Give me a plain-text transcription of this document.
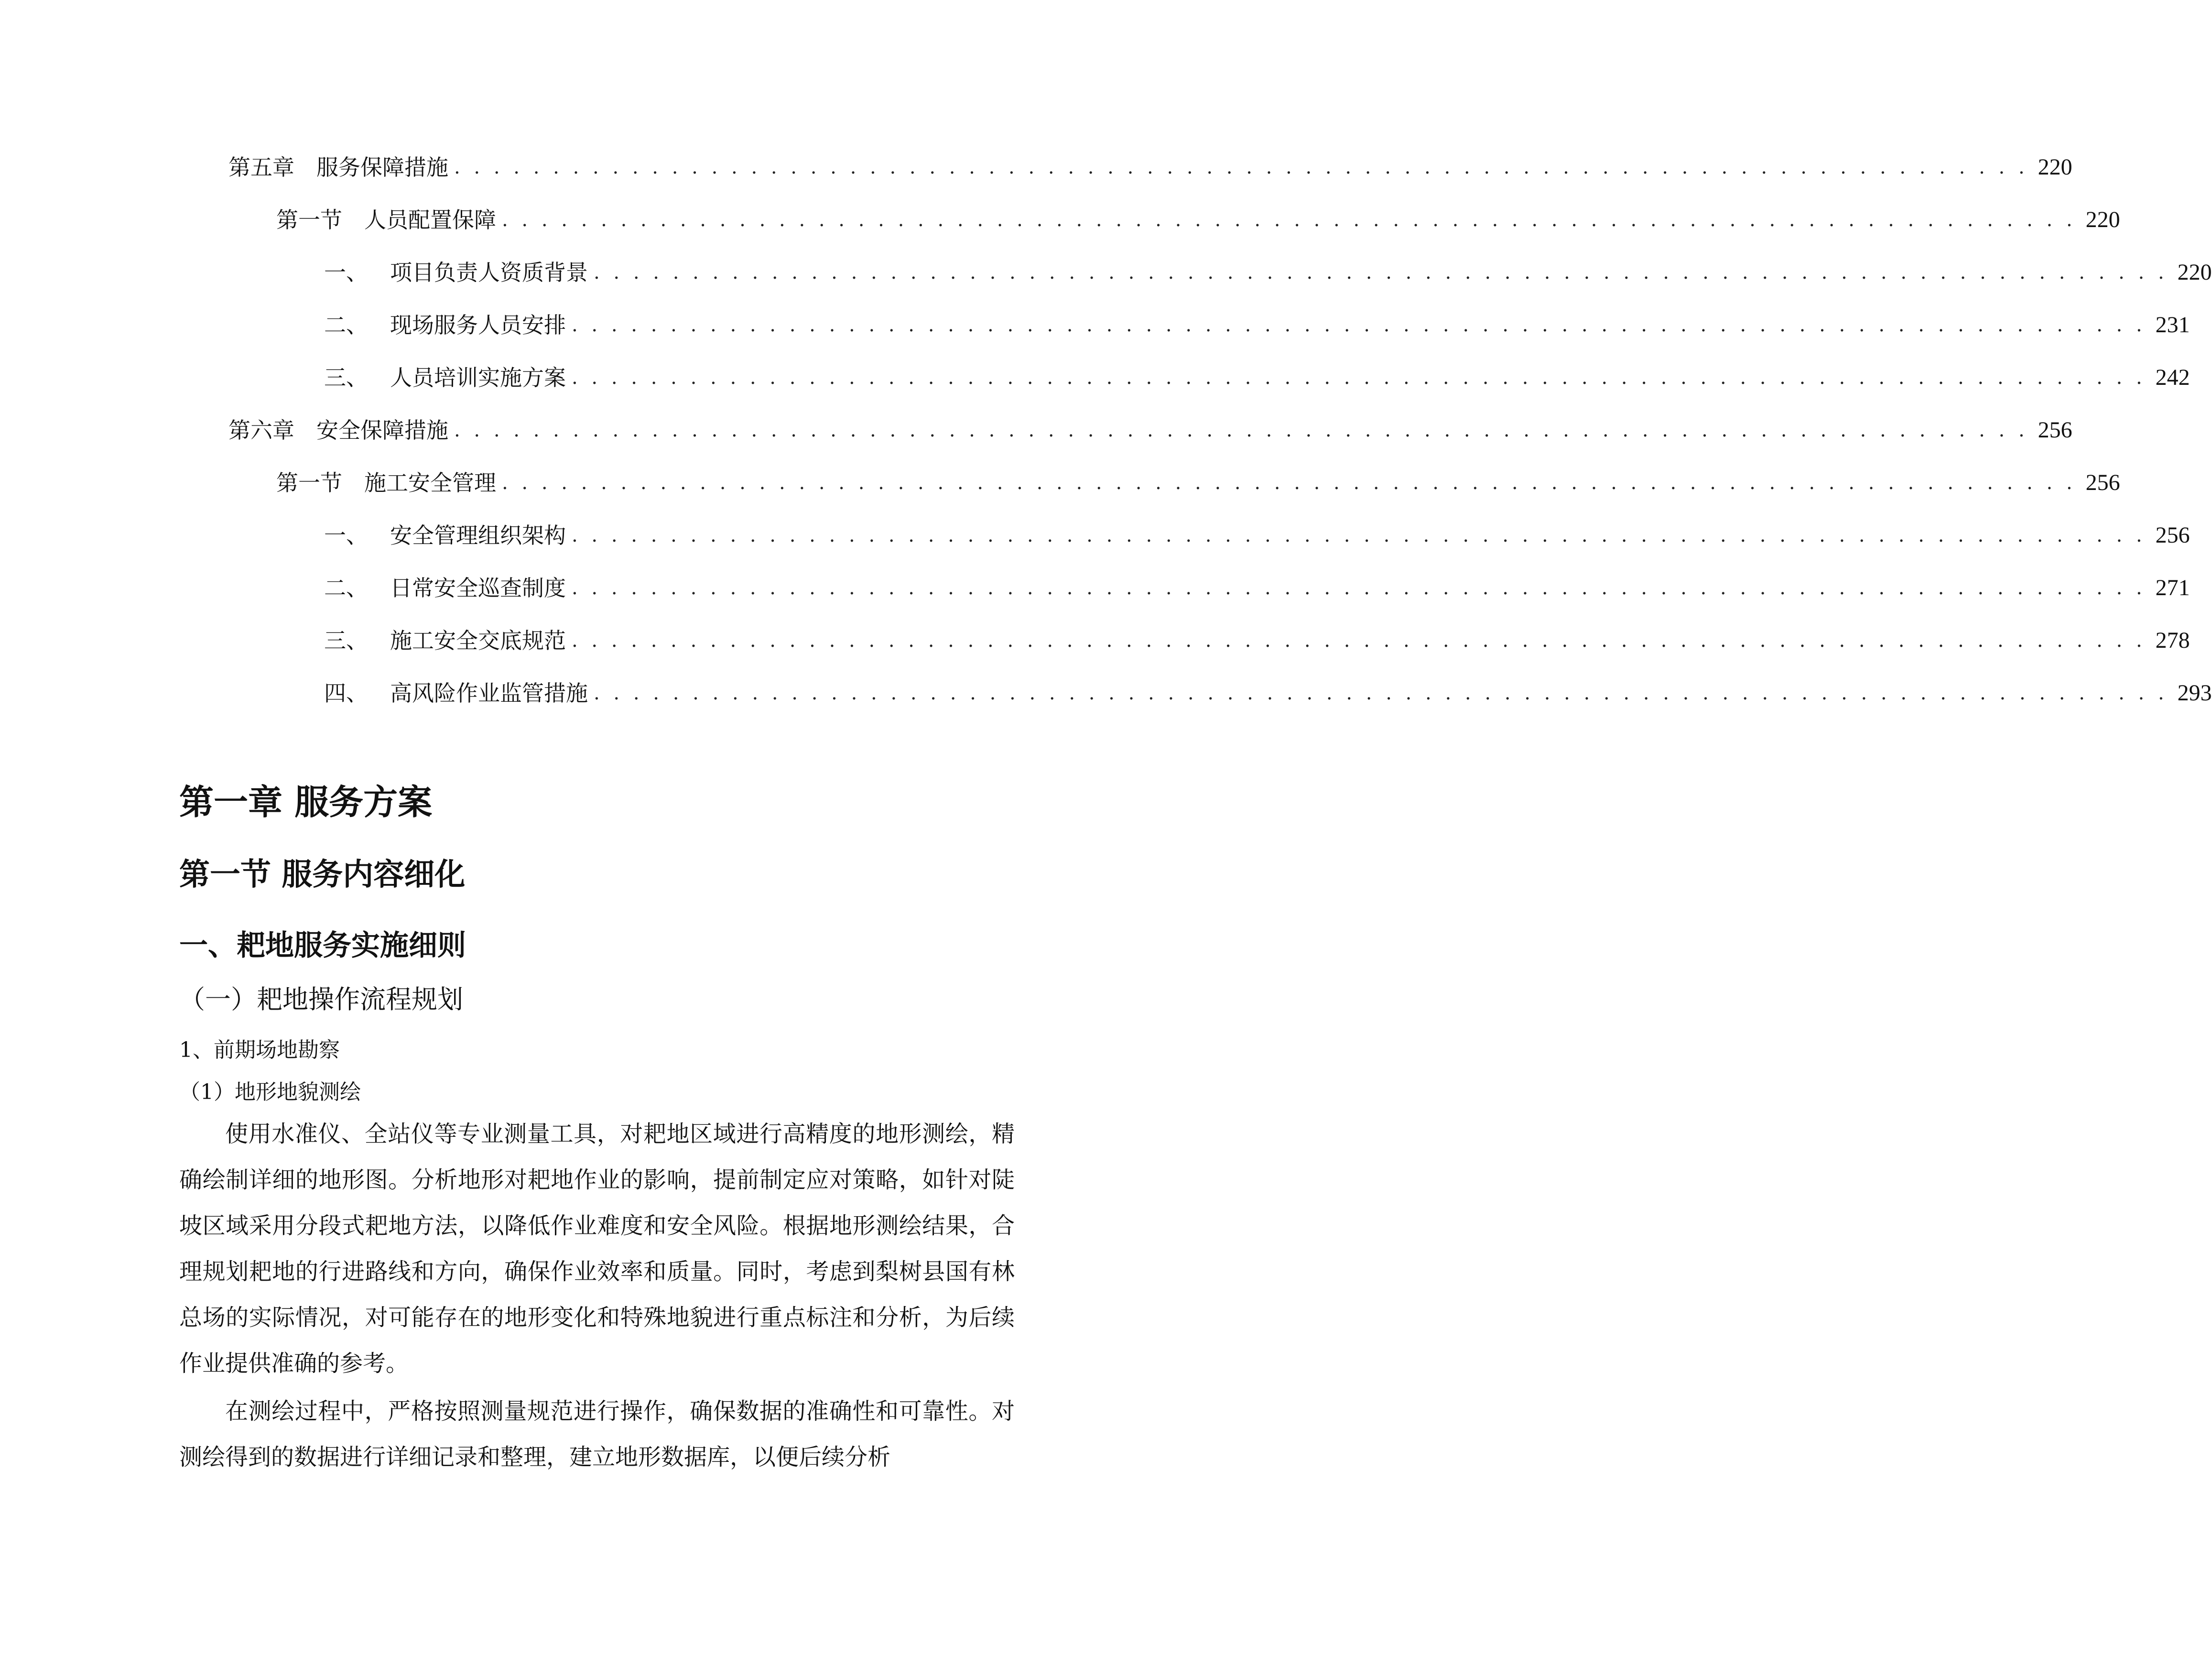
第五章 服务保障措施 . . . . . . . . . . . . . . . . . . . . . . . . . . . . . . . . . . . . . . . . . . . . . . . . . . . . . . . . . . . . . . . . . . . . . . . . . . . . . . . . 220
第一节 人员配置保障 . . . . . . . . . . . . . . . . . . . . . . . . . . . . . . . . . . . . . . . . . . . . . . . . . . . . . . . . . . . . . . . . . . . . . . . . . . . . . . . . 220
一、 项目负责人资质背景 . . . . . . . . . . . . . . . . . . . . . . . . . . . . . . . . . . . . . . . . . . . . . . . . . . . . . . . . . . . . . . . . . . . . . . . . . . . . . . . . 220
二、 现场服务人员安排 . . . . . . . . . . . . . . . . . . . . . . . . . . . . . . . . . . . . . . . . . . . . . . . . . . . . . . . . . . . . . . . . . . . . . . . . . . . . . . . . 231
三、 人员培训实施方案 . . . . . . . . . . . . . . . . . . . . . . . . . . . . . . . . . . . . . . . . . . . . . . . . . . . . . . . . . . . . . . . . . . . . . . . . . . . . . . . . 242
第六章 安全保障措施 . . . . . . . . . . . . . . . . . . . . . . . . . . . . . . . . . . . . . . . . . . . . . . . . . . . . . . . . . . . . . . . . . . . . . . . . . . . . . . . . 256
第一节 施工安全管理 . . . . . . . . . . . . . . . . . . . . . . . . . . . . . . . . . . . . . . . . . . . . . . . . . . . . . . . . . . . . . . . . . . . . . . . . . . . . . . . . 256
一、 安全管理组织架构 . . . . . . . . . . . . . . . . . . . . . . . . . . . . . . . . . . . . . . . . . . . . . . . . . . . . . . . . . . . . . . . . . . . . . . . . . . . . . . . . 256
二、 日常安全巡查制度 . . . . . . . . . . . . . . . . . . . . . . . . . . . . . . . . . . . . . . . . . . . . . . . . . . . . . . . . . . . . . . . . . . . . . . . . . . . . . . . . 271
三、 施工安全交底规范 . . . . . . . . . . . . . . . . . . . . . . . . . . . . . . . . . . . . . . . . . . . . . . . . . . . . . . . . . . . . . . . . . . . . . . . . . . . . . . . . 278
四、 高风险作业监管措施 . . . . . . . . . . . . . . . . . . . . . . . . . . . . . . . . . . . . . . . . . . . . . . . . . . . . . . . . . . . . . . . . . . . . . . . . . . . . . . . . 293
第一章 服务方案
第一节 服务内容细化
一、耙地服务实施细则
（一）耙地操作流程规划
1、前期场地勘察
（1）地形地貌测绘

使用水准仪、全站仪等专业测量工具，对耙地区域进行高精度的地形测绘，精确绘制详细的地形图。分析地形对耙地作业的影响，提前制定应对策略，如针对陡坡区域采用分段式耙地方法，以降低作业难度和安全风险。根据地形测绘结果，合理规划耙地的行进路线和方向，确保作业效率和质量。同时，考虑到梨树县国有林总场的实际情况，对可能存在的地形变化和特殊地貌进行重点标注和分析，为后续作业提供准确的参考。

在测绘过程中，严格按照测量规范进行操作，确保数据的准确性和可靠性。对测绘得到的数据进行详细记录和整理，建立地形数据库，以便后续分析
